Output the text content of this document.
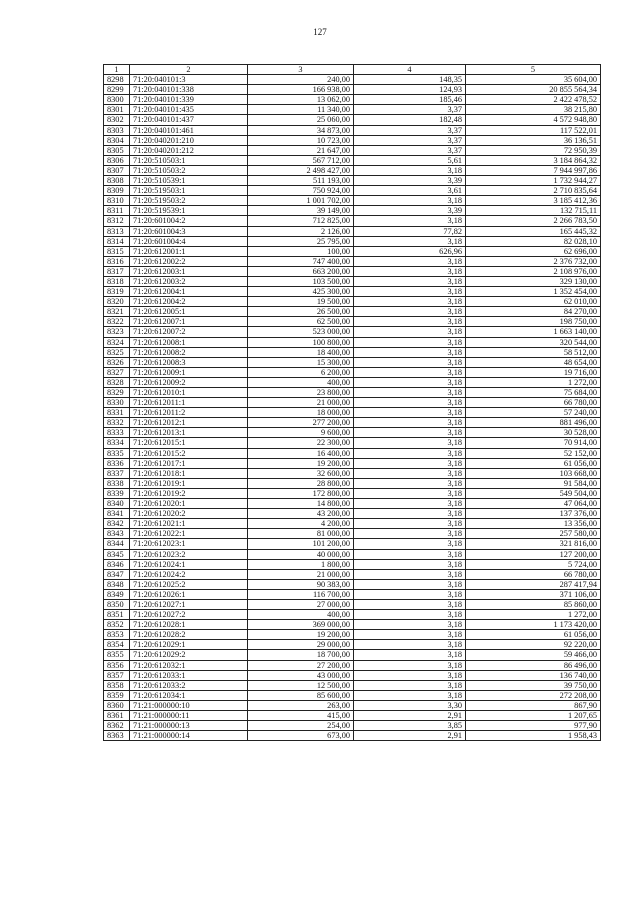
127
1	2	3	4	5
8298	71:20:040101:3	240,00	148,35	35 604,00
8299	71:20:040101:338	166 938,00	124,93	20 855 564,34
8300	71:20:040101:339	13 062,00	185,46	2 422 478,52
8301	71:20:040101:435	11 340,00	3,37	38 215,80
8302	71:20:040101:437	25 060,00	182,48	4 572 948,80
8303	71:20:040101:461	34 873,00	3,37	117 522,01
8304	71:20:040201:210	10 723,00	3,37	36 136,51
8305	71:20:040201:212	21 647,00	3,37	72 950,39
8306	71:20:510503:1	567 712,00	5,61	3 184 864,32
8307	71:20:510503:2	2 498 427,00	3,18	7 944 997,86
8308	71:20:510539:1	511 193,00	3,39	1 732 944,27
8309	71:20:519503:1	750 924,00	3,61	2 710 835,64
8310	71:20:519503:2	1 001 702,00	3,18	3 185 412,36
8311	71:20:519539:1	39 149,00	3,39	132 715,11
8312	71:20:601004:2	712 825,00	3,18	2 266 783,50
8313	71:20:601004:3	2 126,00	77,82	165 445,32
8314	71:20:601004:4	25 795,00	3,18	82 028,10
8315	71:20:612001:1	100,00	626,96	62 696,00
8316	71:20:612002:2	747 400,00	3,18	2 376 732,00
8317	71:20:612003:1	663 200,00	3,18	2 108 976,00
8318	71:20:612003:2	103 500,00	3,18	329 130,00
8319	71:20:612004:1	425 300,00	3,18	1 352 454,00
8320	71:20:612004:2	19 500,00	3,18	62 010,00
8321	71:20:612005:1	26 500,00	3,18	84 270,00
8322	71:20:612007:1	62 500,00	3,18	198 750,00
8323	71:20:612007:2	523 000,00	3,18	1 663 140,00
8324	71:20:612008:1	100 800,00	3,18	320 544,00
8325	71:20:612008:2	18 400,00	3,18	58 512,00
8326	71:20:612008:3	15 300,00	3,18	48 654,00
8327	71:20:612009:1	6 200,00	3,18	19 716,00
8328	71:20:612009:2	400,00	3,18	1 272,00
8329	71:20:612010:1	23 800,00	3,18	75 684,00
8330	71:20:612011:1	21 000,00	3,18	66 780,00
8331	71:20:612011:2	18 000,00	3,18	57 240,00
8332	71:20:612012:1	277 200,00	3,18	881 496,00
8333	71:20:612013:1	9 600,00	3,18	30 528,00
8334	71:20:612015:1	22 300,00	3,18	70 914,00
8335	71:20:612015:2	16 400,00	3,18	52 152,00
8336	71:20:612017:1	19 200,00	3,18	61 056,00
8337	71:20:612018:1	32 600,00	3,18	103 668,00
8338	71:20:612019:1	28 800,00	3,18	91 584,00
8339	71:20:612019:2	172 800,00	3,18	549 504,00
8340	71:20:612020:1	14 800,00	3,18	47 064,00
8341	71:20:612020:2	43 200,00	3,18	137 376,00
8342	71:20:612021:1	4 200,00	3,18	13 356,00
8343	71:20:612022:1	81 000,00	3,18	257 580,00
8344	71:20:612023:1	101 200,00	3,18	321 816,00
8345	71:20:612023:2	40 000,00	3,18	127 200,00
8346	71:20:612024:1	1 800,00	3,18	5 724,00
8347	71:20:612024:2	21 000,00	3,18	66 780,00
8348	71:20:612025:2	90 383,00	3,18	287 417,94
8349	71:20:612026:1	116 700,00	3,18	371 106,00
8350	71:20:612027:1	27 000,00	3,18	85 860,00
8351	71:20:612027:2	400,00	3,18	1 272,00
8352	71:20:612028:1	369 000,00	3,18	1 173 420,00
8353	71:20:612028:2	19 200,00	3,18	61 056,00
8354	71:20:612029:1	29 000,00	3,18	92 220,00
8355	71:20:612029:2	18 700,00	3,18	59 466,00
8356	71:20:612032:1	27 200,00	3,18	86 496,00
8357	71:20:612033:1	43 000,00	3,18	136 740,00
8358	71:20:612033:2	12 500,00	3,18	39 750,00
8359	71:20:612034:1	85 600,00	3,18	272 208,00
8360	71:21:000000:10	263,00	3,30	867,90
8361	71:21:000000:11	415,00	2,91	1 207,65
8362	71:21:000000:13	254,00	3,85	977,90
8363	71:21:000000:14	673,00	2,91	1 958,43
